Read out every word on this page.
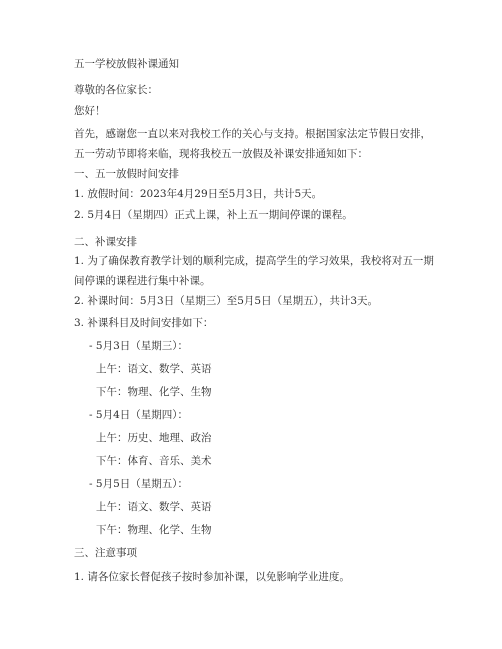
五一学校放假补课通知
尊敬的各位家长：
您好！
首先，感谢您一直以来对我校工作的关心与支持。根据国家法定节假日安排，五一劳动节即将来临，现将我校五一放假及补课安排通知如下：
一、五一放假时间安排
1. 放假时间：2023年4月29日至5月3日，共计5天。
2. 5月4日（星期四）正式上课，补上五一期间停课的课程。
二、补课安排
1. 为了确保教育教学计划的顺利完成，提高学生的学习效果，我校将对五一期间停课的课程进行集中补课。
2. 补课时间：5月3日（星期三）至5月5日（星期五），共计3天。
3. 补课科目及时间安排如下：
- 5月3日（星期三）：
上午：语文、数学、英语
下午：物理、化学、生物
- 5月4日（星期四）：
上午：历史、地理、政治
下午：体育、音乐、美术
- 5月5日（星期五）：
上午：语文、数学、英语
下午：物理、化学、生物
三、注意事项
1. 请各位家长督促孩子按时参加补课，以免影响学业进度。
